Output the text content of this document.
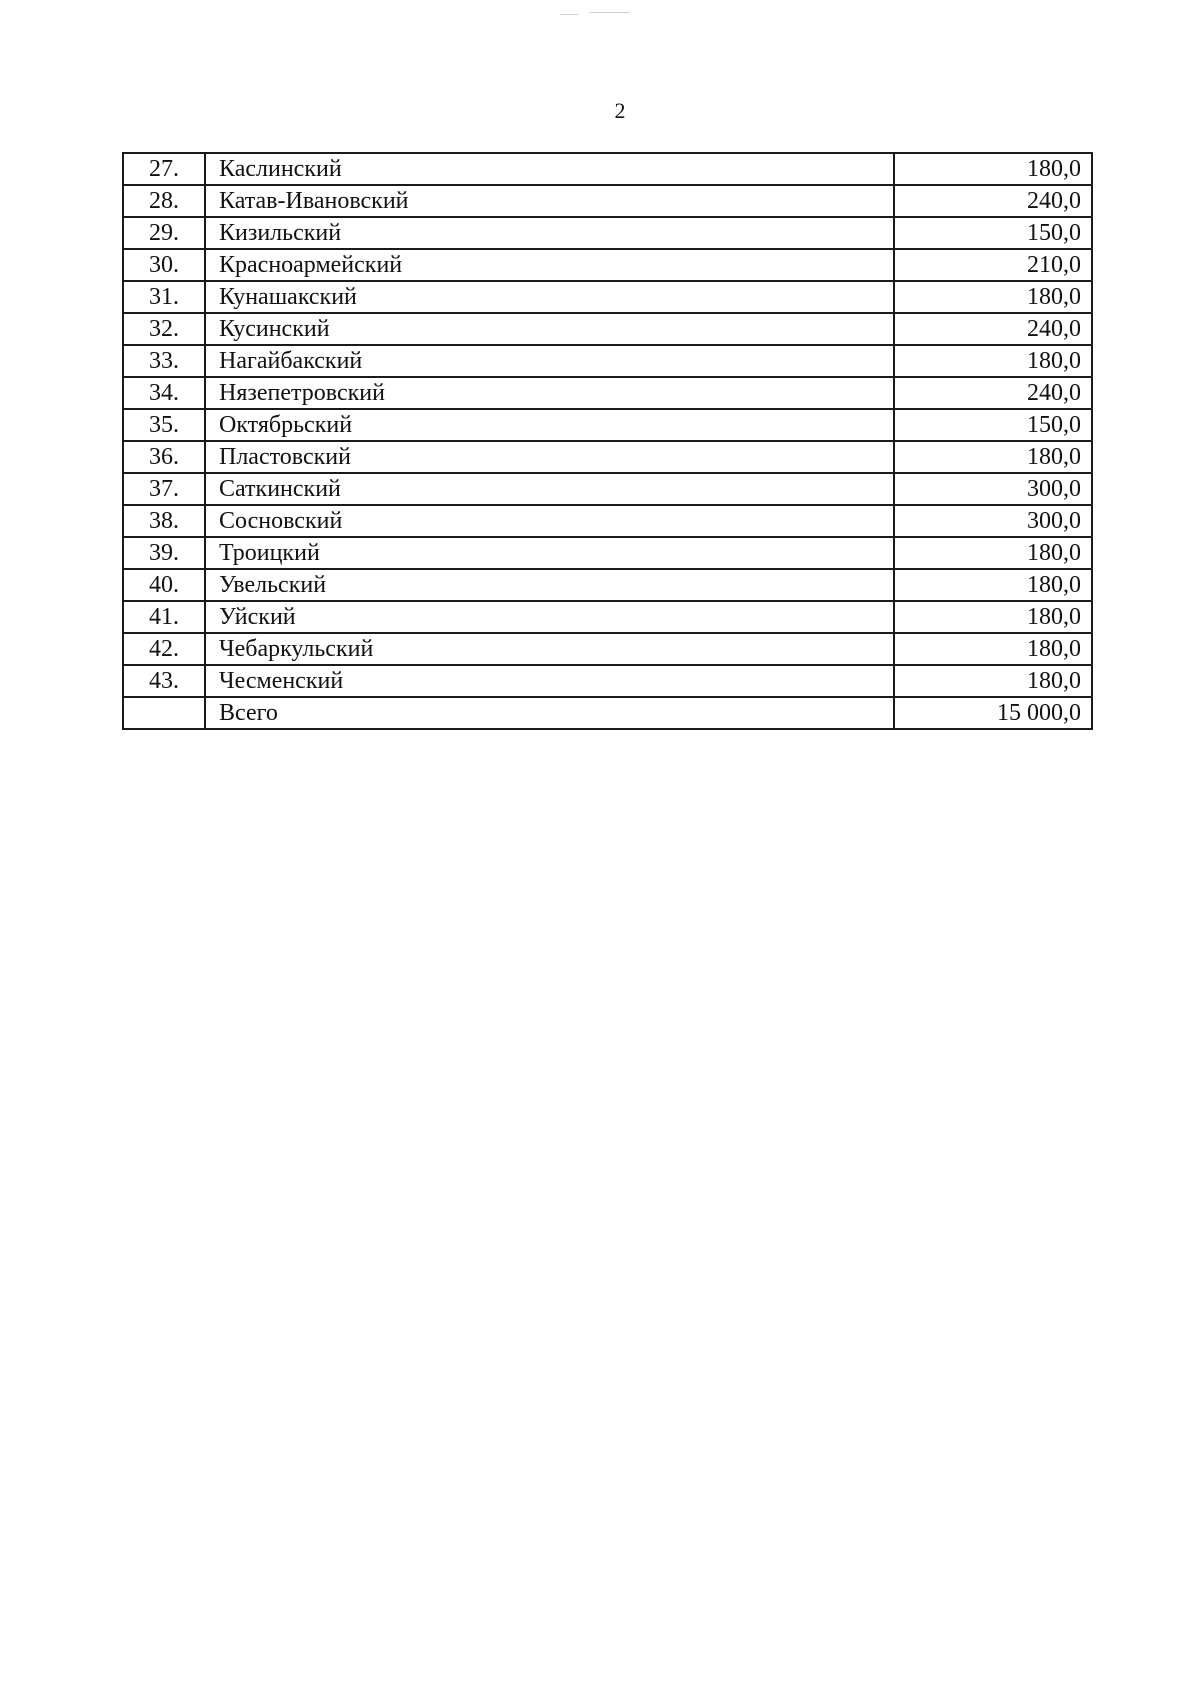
2
27.	Каслинский	180,0
28.	Катав-Ивановский	240,0
29.	Кизильский	150,0
30.	Красноармейский	210,0
31.	Кунашакский	180,0
32.	Кусинский	240,0
33.	Нагайбакский	180,0
34.	Нязепетровский	240,0
35.	Октябрьский	150,0
36.	Пластовский	180,0
37.	Саткинский	300,0
38.	Сосновский	300,0
39.	Троицкий	180,0
40.	Увельский	180,0
41.	Уйский	180,0
42.	Чебаркульский	180,0
43.	Чесменский	180,0
	Всего	15 000,0
